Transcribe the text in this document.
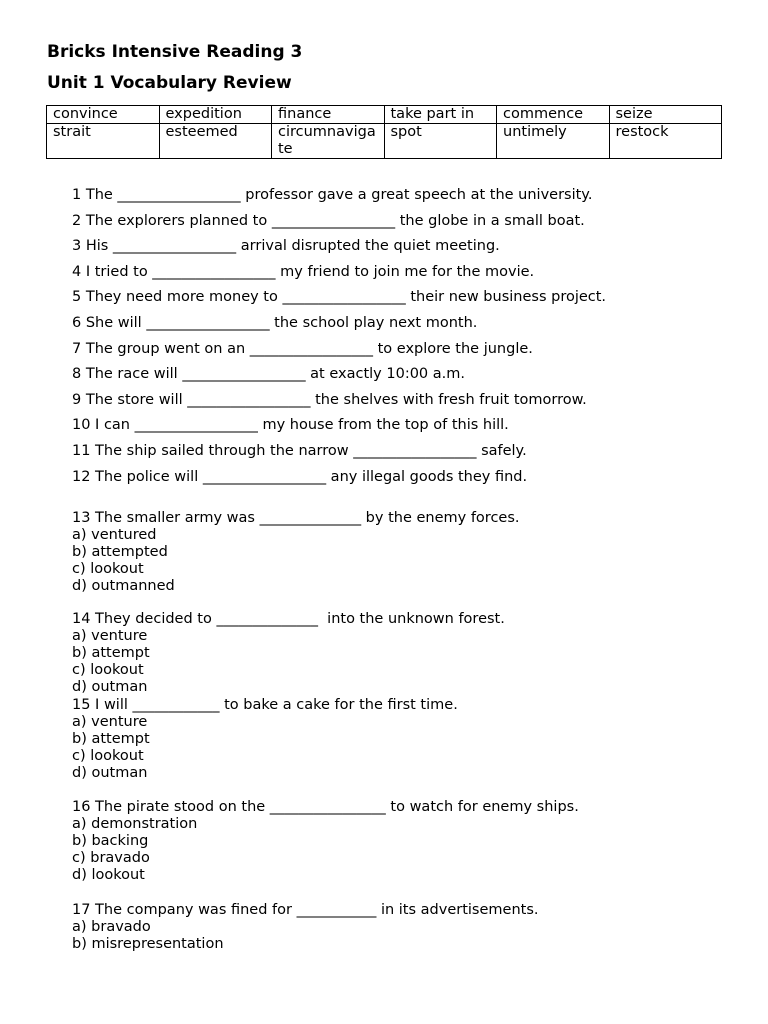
Bricks Intensive Reading 3
Unit 1 Vocabulary Review
convince	expedition	finance	take part in	commence	seize
strait	esteemed	circumnavigate	spot	untimely	restock
1 The _________________ professor gave a great speech at the university.
2 The explorers planned to _________________ the globe in a small boat.
3 His _________________ arrival disrupted the quiet meeting.
4 I tried to _________________ my friend to join me for the movie.
5 They need more money to _________________ their new business project.
6 She will _________________ the school play next month.
7 The group went on an _________________ to explore the jungle.
8 The race will _________________ at exactly 10:00 a.m.
9 The store will _________________ the shelves with fresh fruit tomorrow.
10 I can _________________ my house from the top of this hill.
11 The ship sailed through the narrow _________________ safely.
12 The police will _________________ any illegal goods they find.
13 The smaller army was ______________ by the enemy forces.
a) ventured
b) attempted
c) lookout
d) outmanned
14 They decided to ______________  into the unknown forest.
a) venture
b) attempt
c) lookout
d) outman
15 I will ____________ to bake a cake for the first time.
a) venture
b) attempt
c) lookout
d) outman
16 The pirate stood on the ________________ to watch for enemy ships.
a) demonstration
b) backing
c) bravado
d) lookout
17 The company was fined for ___________ in its advertisements.
a) bravado
b) misrepresentation
